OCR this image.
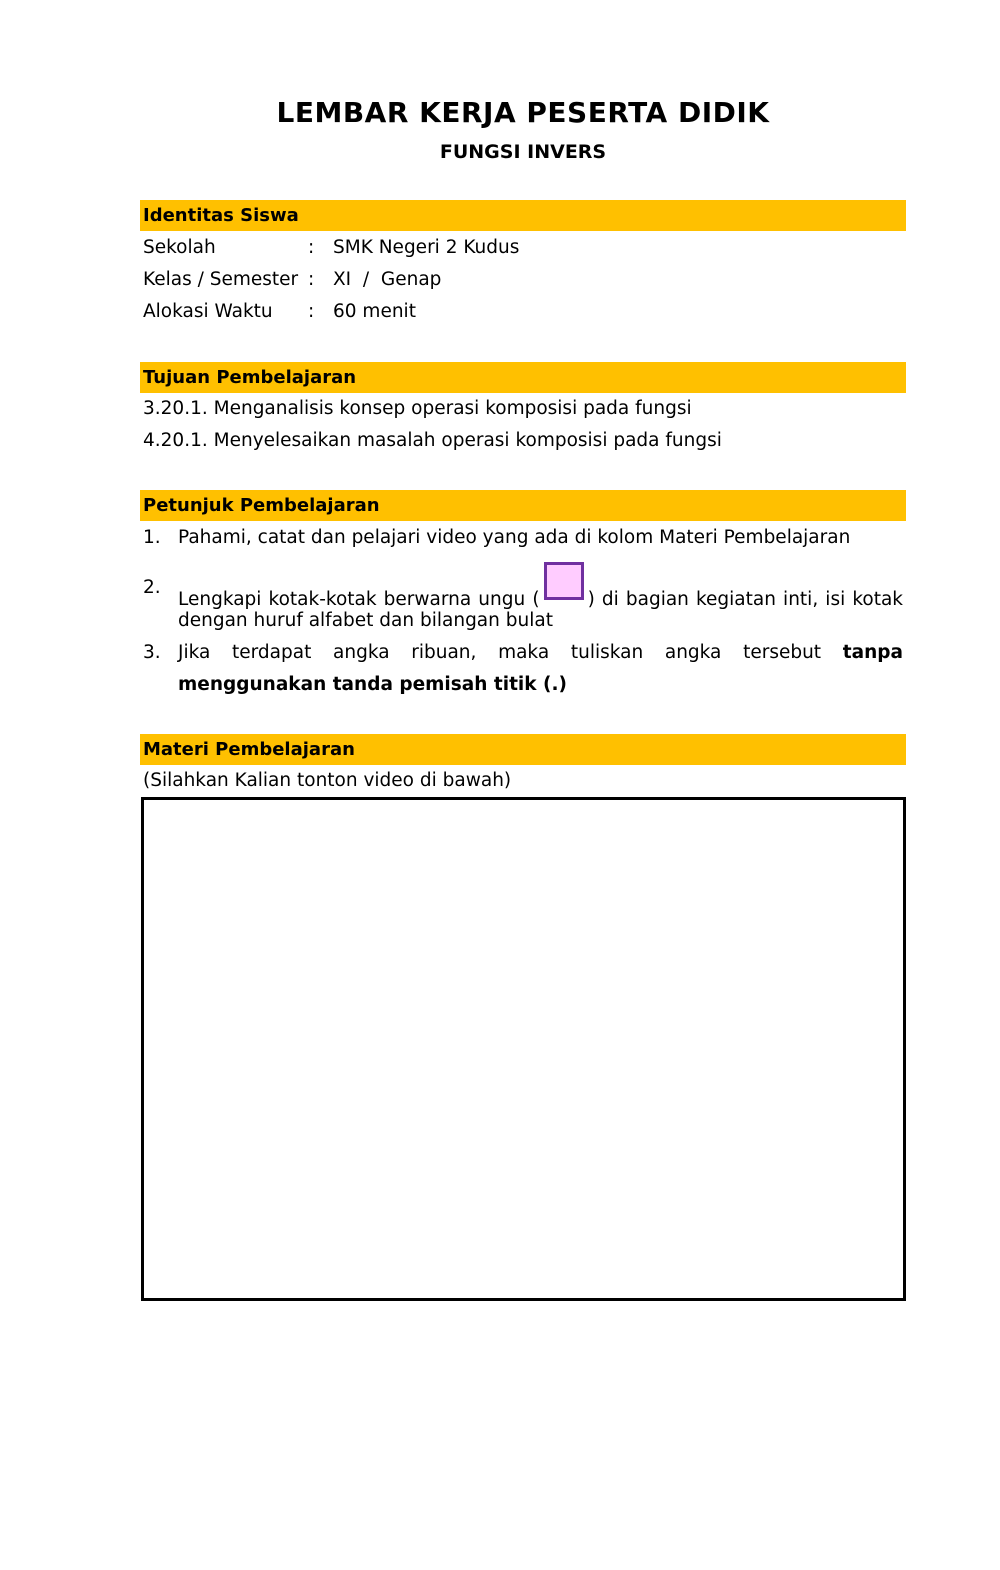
LEMBAR KERJA PESERTA DIDIK
FUNGSI INVERS
Identitas Siswa
Sekolah	: SMK Negeri 2 Kudus
Kelas / Semester : XI  /  Genap
Alokasi Waktu : 60 menit
Tujuan Pembelajaran
3.20.1. Menganalisis konsep operasi komposisi pada fungsi
4.20.1. Menyelesaikan masalah operasi komposisi pada fungsi
Petunjuk Pembelajaran
1. Pahami, catat dan pelajari video yang ada di kolom Materi Pembelajaran
2.
Lengkapi kotak-kotak berwarna ungu (	) di bagian kegiatan inti, isi kotak
dengan huruf alfabet dan bilangan bulat
3. Jika terdapat angka ribuan, maka tuliskan angka tersebut tanpa
menggunakan tanda pemisah titik (.)
Materi Pembelajaran
(Silahkan Kalian tonton video di bawah)
